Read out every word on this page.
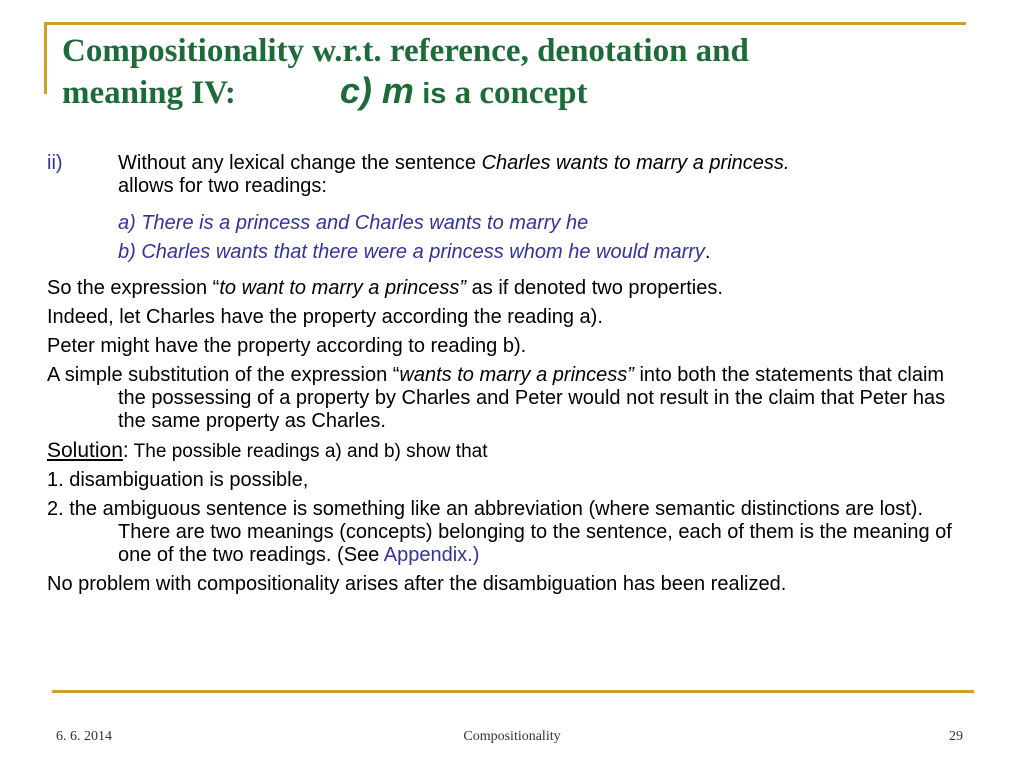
Compositionality w.r.t. reference, denotation and
meaning IV:	c) m is a concept
ii)	Without any lexical change the sentence Charles wants to marry a princess.
allows for two readings:
a) There is a princess and Charles wants to marry he
b) Charles wants that there were a princess whom he would marry.
So the expression “to want to marry a princess” as if denoted two properties.
Indeed, let Charles have the property according the reading a).
Peter might have the property according to reading b).
A simple substitution of the expression “wants to marry a princess” into both the statements that claim the possessing of a property by Charles and Peter would not result in the claim that Peter has the same property as Charles.
Solution: The possible readings a) and b) show that
1. disambiguation is possible,
2. the ambiguous sentence is something like an abbreviation (where semantic distinctions are lost). There are two meanings (concepts) belonging to the sentence, each of them is the meaning of one of the two readings. (See Appendix.)
No problem with compositionality arises after the disambiguation has been realized.
6. 6. 2014	Compositionality	29
